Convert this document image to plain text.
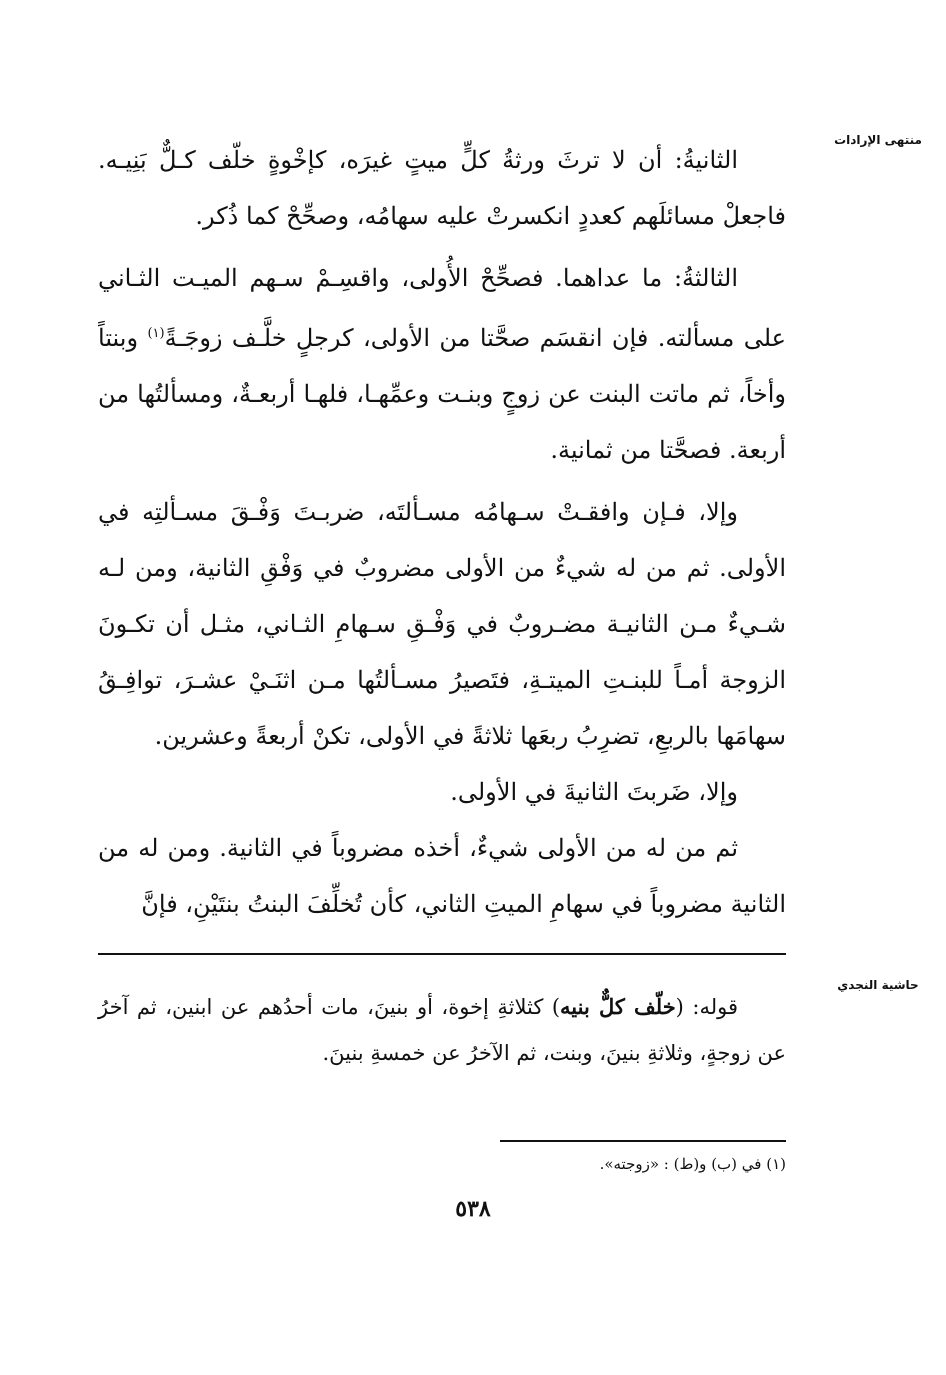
منتهى الإرادات

الثانيةُ: أن لا ترثَ ورثةُ كلٍّ ميتٍ غيرَه، كإخْوةٍ خلّف كـلٌّ بَنِيـه. فاجعلْ مسائلَهم كعددٍ انكسرتْ عليه سهامُه، وصحِّحْ كما ذُكر.

الثالثةُ: ما عداهما. فصحِّحْ الأُولى، واقسِـمْ سـهم الميـت الثـاني على مسألته. فإن انقسَم صحَّتا من الأولى، كرجلٍ خلَّـف زوجَـةً$^{(١)}$ وبنتاً وأخاً، ثم ماتت البنت عن زوجٍ وبنـت وعمِّهـا، فلهـا أربعـةٌ، ومسألتُها من أربعة. فصحَّتا من ثمانية.

وإلا، فـإن وافقـتْ سـهامُه مسـألتَه، ضربـتَ وَفْـقَ مسـألتِه في الأولى. ثم من له شيءٌ من الأولى مضروبٌ في وَفْقِ الثانية، ومن لـه شـيءٌ مـن الثانيـة مضـروبٌ في وَفْـقِ سـهامِ الثـاني، مثـل أن تكـونَ الزوجة أمـاً للبنـتِ الميتـةِ، فتَصيرُ مسـألتُها مـن اثنَـيْ عشـرَ، توافِـقُ سهامَها بالربعِ، تضرِبُ ربعَها ثلاثةً في الأولى، تكنْ أربعةً وعشرين.

وإلا، ضَربتَ الثانيةَ في الأولى.

ثم من له من الأولى شيءٌ، أخذه مضروباً في الثانية. ومن له من الثانية مضروباً في سهامِ الميتِ الثاني، كأن تُخلِّفَ البنتُ بنتَيْنِ، فإنَّ

حاشية النجدي

قوله: (خلّف كلٌّ بنيه) كثلاثةِ إخوة، أو بنينَ، مات أحدُهم عن ابنين، ثم آخرُ عن زوجةٍ، وثلاثةِ بنينَ، وبنت، ثم الآخرُ عن خمسةِ بنينَ.

(١) في (ب) و(ط) : «زوجته».
٥٣٨
